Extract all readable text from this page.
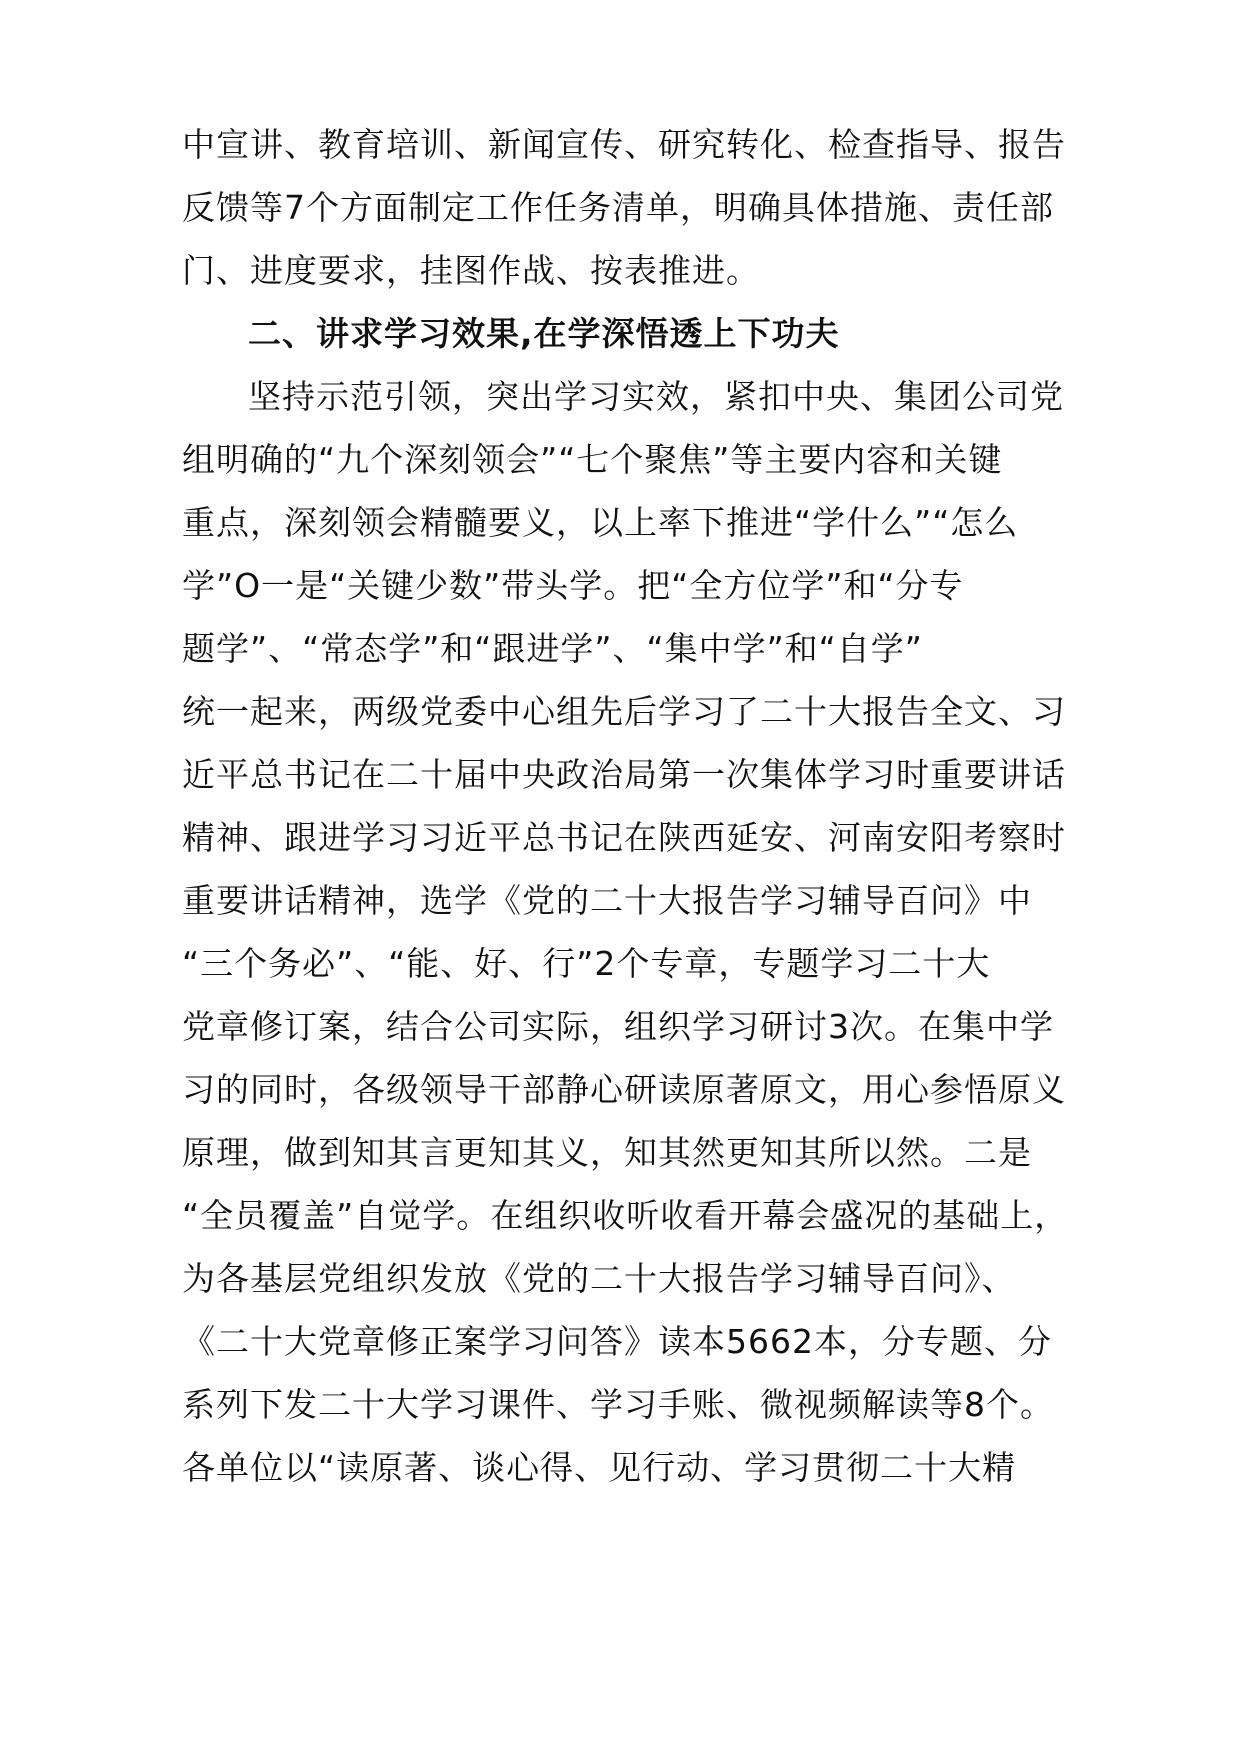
中宣讲、教育培训、新闻宣传、研究转化、检查指导、报告
反馈等7个方面制定工作任务清单，明确具体措施、责任部
门、进度要求，挂图作战、按表推进。
二、讲求学习效果,在学深悟透上下功夫
坚持示范引领，突出学习实效，紧扣中央、集团公司党
组明确的“九个深刻领会”“七个聚焦”等主要内容和关键
重点，深刻领会精髓要义，以上率下推进“学什么”“怎么
学”O一是“关键少数”带头学。把“全方位学”和“分专
题学”、“常态学”和“跟进学”、“集中学”和“自学”
统一起来，两级党委中心组先后学习了二十大报告全文、习
近平总书记在二十届中央政治局第一次集体学习时重要讲话
精神、跟进学习习近平总书记在陕西延安、河南安阳考察时
重要讲话精神，选学《党的二十大报告学习辅导百问》中
“三个务必”、“能、好、行”2个专章，专题学习二十大
党章修订案，结合公司实际，组织学习研讨3次。在集中学
习的同时，各级领导干部静心研读原著原文，用心参悟原义
原理，做到知其言更知其义，知其然更知其所以然。二是
“全员覆盖”自觉学。在组织收听收看开幕会盛况的基础上，
为各基层党组织发放《党的二十大报告学习辅导百问》、
《二十大党章修正案学习问答》读本5662本，分专题、分
系列下发二十大学习课件、学习手账、微视频解读等8个。
各单位以“读原著、谈心得、见行动、学习贯彻二十大精
